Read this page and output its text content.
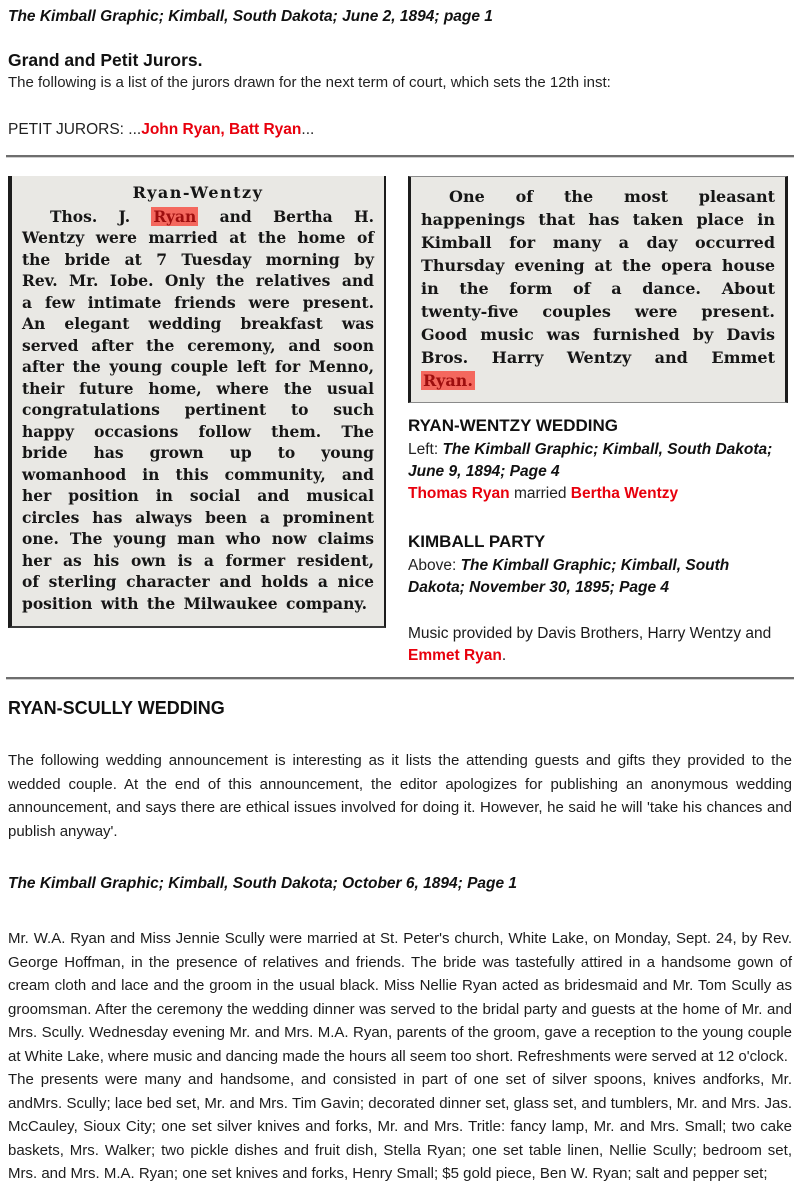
The Kimball Graphic; Kimball, South Dakota; June 2, 1894; page 1
Grand and Petit Jurors.
The following is a list of the jurors drawn for the next term of court, which sets the 12th inst:
PETIT JURORS: ...John Ryan, Batt Ryan...
Ryan-Wentzy
Thos. J. Ryan and Bertha H. Wentzy were married at the home of the bride at 7 Tuesday morning by Rev. Mr. Iobe. Only the relatives and a few intimate friends were present. An elegant wedding breakfast was served after the ceremony, and soon after the young couple left for Menno, their future home, where the usual congratulations pertinent to such happy occasions follow them. The bride has grown up to young womanhood in this community, and her position in social and musical circles has always been a prominent one. The young man who now claims her as his own is a former resident, of sterling character and holds a nice position with the Milwaukee company.
One of the most pleasant happenings that has taken place in Kimball for many a day occurred Thursday evening at the opera house in the form of a dance. About twenty-five couples were present. Good music was furnished by Davis Bros. Harry Wentzy and Emmet Ryan.
RYAN-WENTZY WEDDING
Left: The Kimball Graphic; Kimball, South Dakota; June 9, 1894; Page 4
Thomas Ryan married Bertha Wentzy
KIMBALL PARTY
Above: The Kimball Graphic; Kimball, South Dakota; November 30, 1895; Page 4
Music provided by Davis Brothers, Harry Wentzy and Emmet Ryan.
RYAN-SCULLY WEDDING
The following wedding announcement is interesting as it lists the attending guests and gifts they provided to the wedded couple. At the end of this announcement, the editor apologizes for publishing an anonymous wedding announcement, and says there are ethical issues involved for doing it. However, he said he will 'take his chances and publish anyway'.
The Kimball Graphic; Kimball, South Dakota; October 6, 1894; Page 1
Mr. W.A. Ryan and Miss Jennie Scully were married at St. Peter's church, White Lake, on Monday, Sept. 24, by Rev. George Hoffman, in the presence of relatives and friends. The bride was tastefully attired in a handsome gown of cream cloth and lace and the groom in the usual black. Miss Nellie Ryan acted as bridesmaid and Mr. Tom Scully as groomsman. After the ceremony the wedding dinner was served to the bridal party and guests at the home of Mr. and Mrs. Scully. Wednesday evening Mr. and Mrs. M.A. Ryan, parents of the groom, gave a reception to the young couple at White Lake, where music and dancing made the hours all seem too short. Refreshments were served at 12 o'clock.
The presents were many and handsome, and consisted in part of one set of silver spoons, knives andforks, Mr. andMrs. Scully; lace bed set, Mr. and Mrs. Tim Gavin; decorated dinner set, glass set, and tumblers, Mr. and Mrs. Jas. McCauley, Sioux City; one set silver knives and forks, Mr. and Mrs. Tritle: fancy lamp, Mr. and Mrs. Small; two cake baskets, Mrs. Walker; two pickle dishes and fruit dish, Stella Ryan; one set table linen, Nellie Scully; bedroom set, Mrs. and Mrs. M.A. Ryan; one set knives and forks, Henry Small; $5 gold piece, Ben W. Ryan; salt and pepper set;
